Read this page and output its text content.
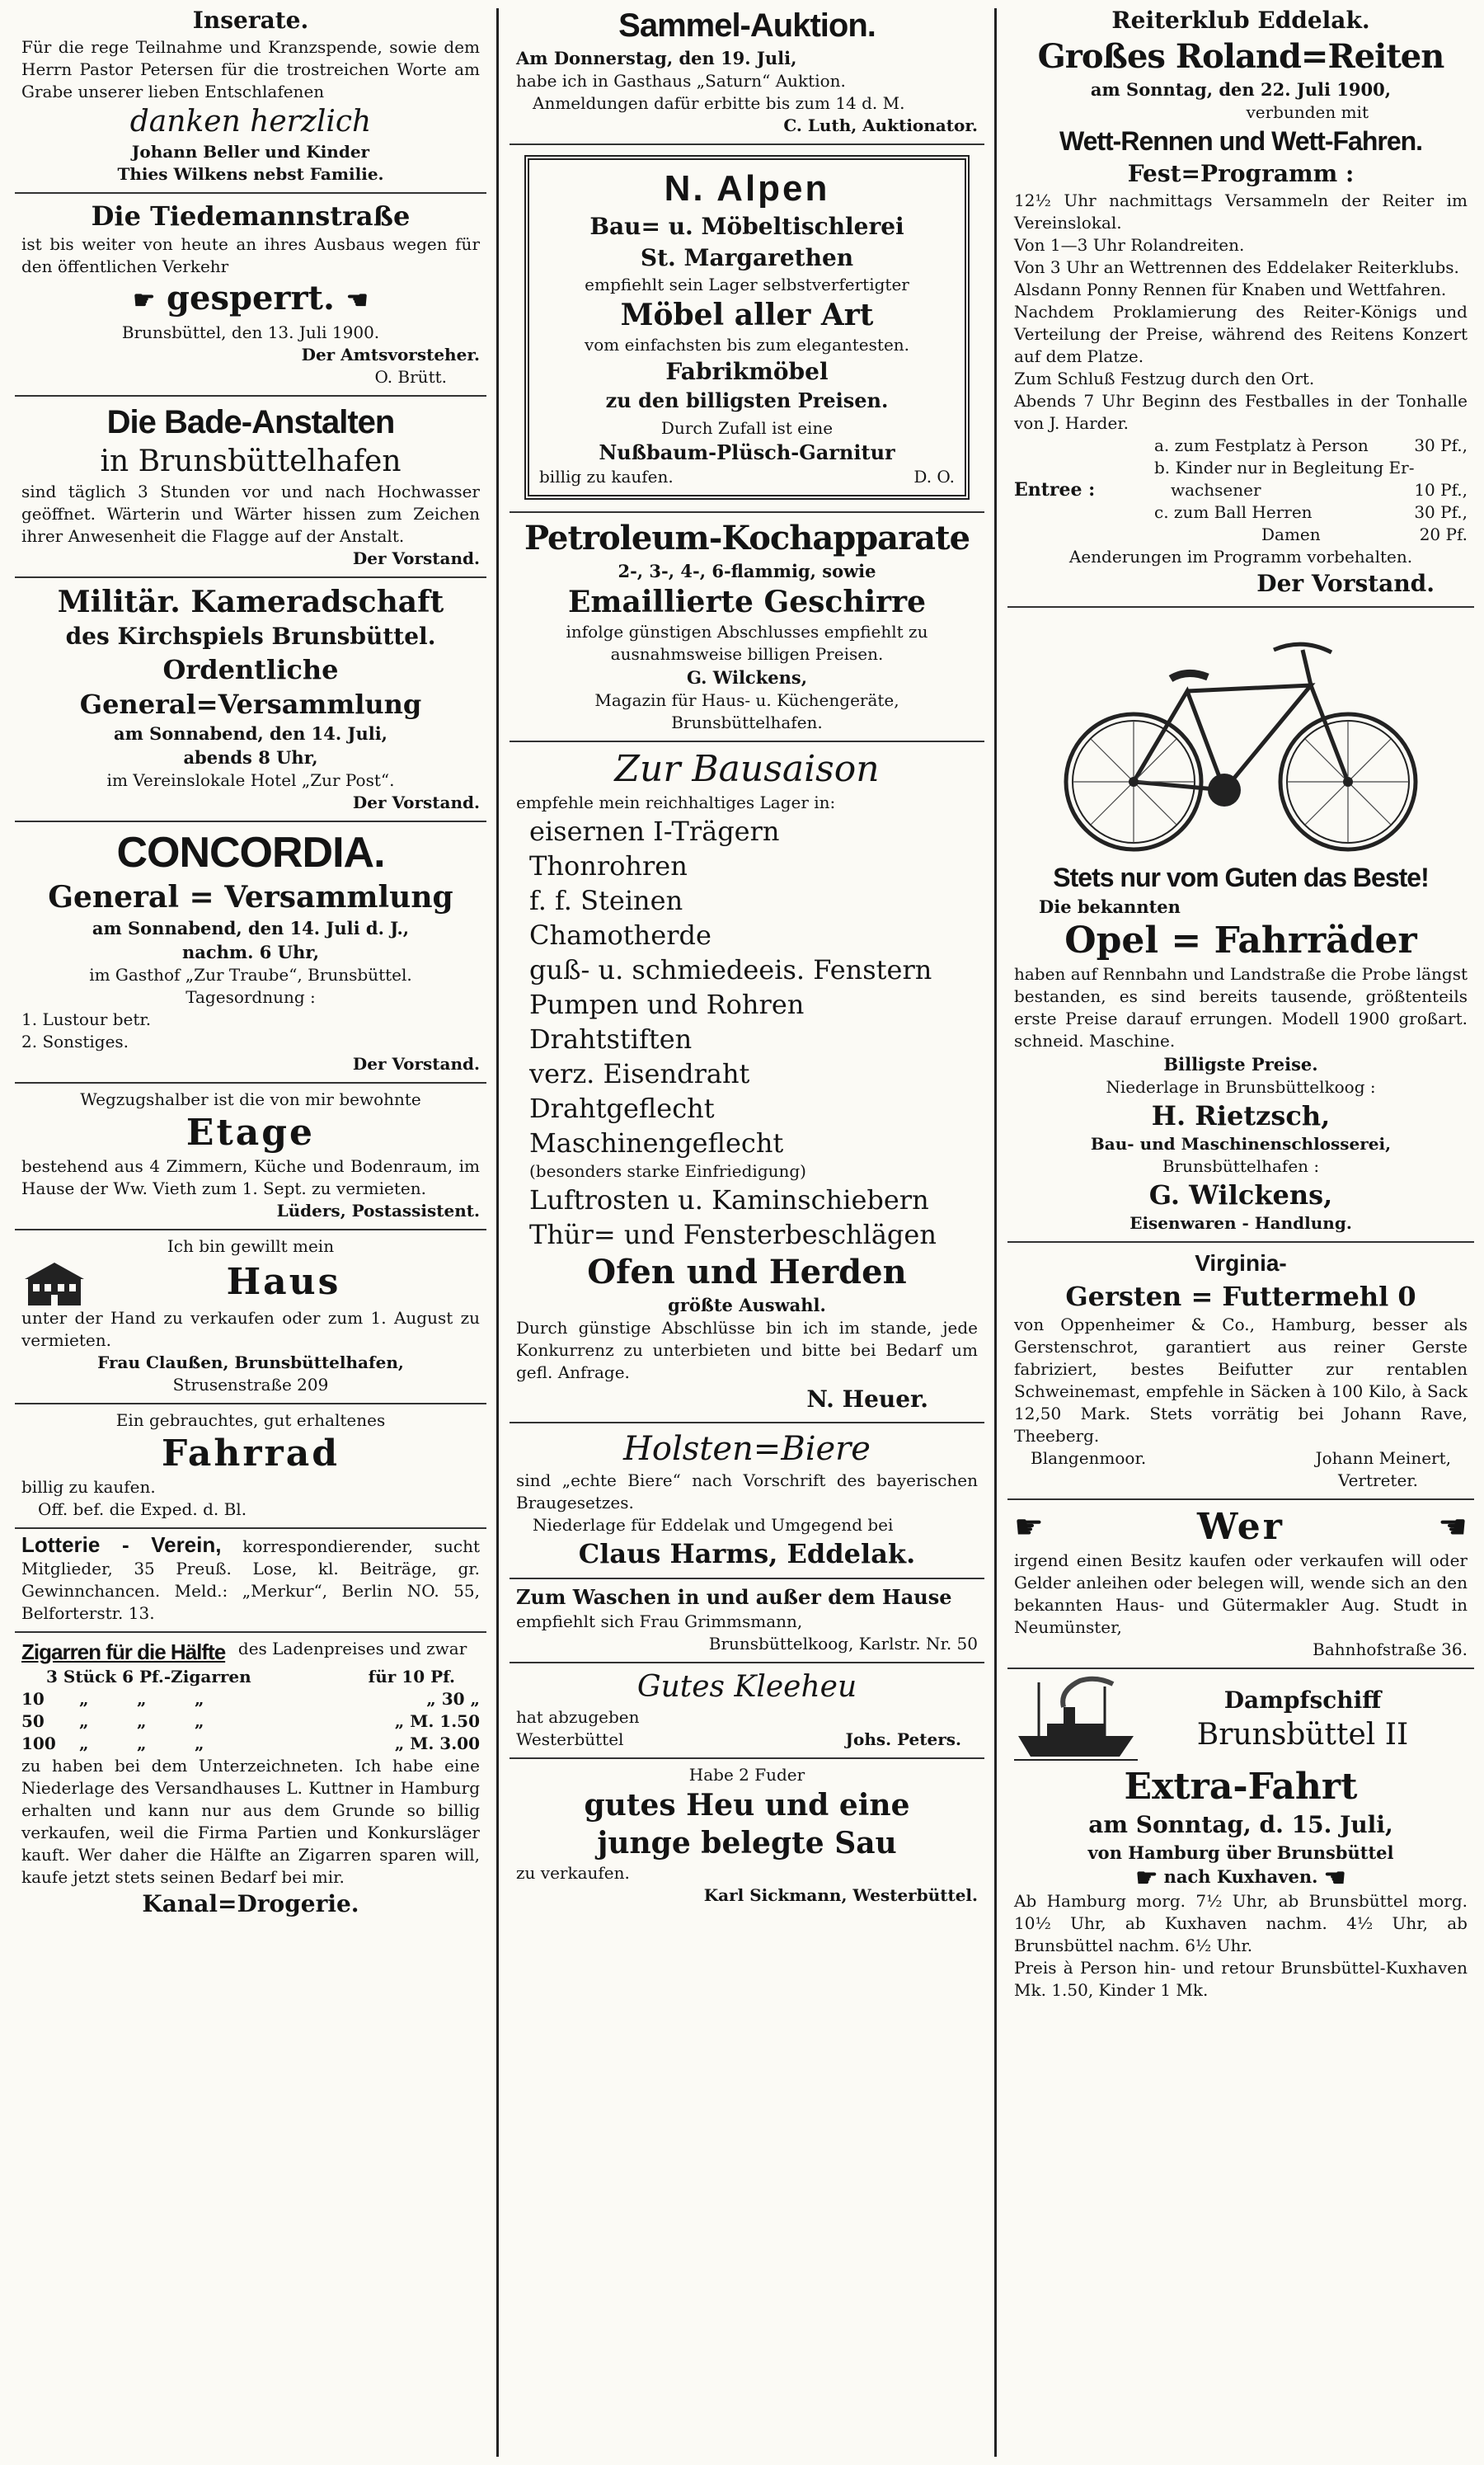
Inserate.

Für die rege Teilnahme und Kranzspende, sowie dem Herrn Pastor Petersen für die trostreichen Worte am Grabe unserer lieben Entschlafenen

danken herzlich

Johann Beller und Kinder

Thies Wilkens nebst Familie.

Die Tiedemannstraße

ist bis weiter von heute an ihres Ausbaus wegen für den öffentlichen Verkehr

☛ gesperrt. ☚

Brunsbüttel, den 13. Juli 1900.

Der Amtsvorsteher.

O. Brütt.

Die Bade-Anstalten

in Brunsbüttelhafen

sind täglich 3 Stunden vor und nach Hochwasser geöffnet. Wärterin und Wärter hissen zum Zeichen ihrer Anwesenheit die Flagge auf der Anstalt.

Der Vorstand.

Militär. Kameradschaft

des Kirchspiels Brunsbüttel.

Ordentliche

General=Versammlung

am Sonnabend, den 14. Juli,

abends 8 Uhr,

im Vereinslokale Hotel „Zur Post“.

Der Vorstand.

CONCORDIA.

General = Versammlung

am Sonnabend, den 14. Juli d. J.,

nachm. 6 Uhr,

im Gasthof „Zur Traube“, Brunsbüttel.

Tagesordnung :

1. Lustour betr.

2. Sonstiges.

Der Vorstand.

Wegzugshalber ist die von mir bewohnte

Etage

bestehend aus 4 Zimmern, Küche und Bodenraum, im Hause der Ww. Vieth zum 1. Sept. zu vermieten.

Lüders, Postassistent.

Ich bin gewillt mein

Haus

unter der Hand zu verkaufen oder zum 1. August zu vermieten.

Frau Claußen, Brunsbüttelhafen,

Strusenstraße 209

Ein gebrauchtes, gut erhaltenes

Fahrrad

billig zu kaufen.

Off. bef. die Exped. d. Bl.

Lotterie - Verein, korrespondierender, sucht Mitglieder, 35 Preuß. Lose, kl. Beiträge, gr. Gewinnchancen. Meld.: „Merkur“, Berlin NO. 55, Belforterstr. 13.

Zigarren für die Hälfte des Ladenpreises und zwar

3 Stück 6 Pf.-Zigarren	für 10 Pf.
10	„	„	„	„ 30 „
50	„	„	„	„ M. 1.50
100	„	„	„	„ M. 3.00

zu haben bei dem Unterzeichneten. Ich habe eine Niederlage des Versandhauses L. Kuttner in Hamburg erhalten und kann nur aus dem Grunde so billig verkaufen, weil die Firma Partien und Konkursläger kauft. Wer daher die Hälfte an Zigarren sparen will, kaufe jetzt stets seinen Bedarf bei mir.

Kanal=Drogerie.

Sammel-Auktion.

Am Donnerstag, den 19. Juli,

habe ich in Gasthaus „Saturn“ Auktion.

Anmeldungen dafür erbitte bis zum 14 d. M.

C. Luth, Auktionator.

N. Alpen

Bau= u. Möbeltischlerei

St. Margarethen

empfiehlt sein Lager selbstverfertigter

Möbel aller Art

vom einfachsten bis zum elegantesten.

Fabrikmöbel

zu den billigsten Preisen.

Durch Zufall ist eine

Nußbaum-Plüsch-Garnitur

billig zu kaufen.	D. O.

Petroleum-Kochapparate

2-, 3-, 4-, 6-flammig, sowie

Emaillierte Geschirre

infolge günstigen Abschlusses empfiehlt zu ausnahmsweise billigen Preisen.

G. Wilckens,

Magazin für Haus- u. Küchengeräte,

Brunsbüttelhafen.

Zur Bausaison

empfehle mein reichhaltiges Lager in:

eisernen I-Trägern

Thonrohren

f. f. Steinen

Chamotherde

guß- u. schmiedeeis. Fenstern

Pumpen und Rohren

Drahtstiften

verz. Eisendraht

Drahtgeflecht

Maschinengeflecht

(besonders starke Einfriedigung)

Luftrosten u. Kaminschiebern

Thür= und Fensterbeschlägen

Ofen und Herden

größte Auswahl.

Durch günstige Abschlüsse bin ich im stande, jede Konkurrenz zu unterbieten und bitte bei Bedarf um gefl. Anfrage.

N. Heuer.

Holsten=Biere

sind „echte Biere“ nach Vorschrift des bayerischen Braugesetzes.

Niederlage für Eddelak und Umgegend bei

Claus Harms, Eddelak.

Zum Waschen in und außer dem Hause

empfiehlt sich Frau Grimmsmann,

Brunsbüttelkoog, Karlstr. Nr. 50

Gutes Kleeheu

hat abzugeben

Westerbüttel	Johs. Peters.

Habe 2 Fuder

gutes Heu und eine

junge belegte Sau

zu verkaufen.

Karl Sickmann, Westerbüttel.

Reiterklub Eddelak.

Großes Roland=Reiten

am Sonntag, den 22. Juli 1900,

verbunden mit

Wett-Rennen und Wett-Fahren.

Fest=Programm :

12½ Uhr nachmittags Versammeln der Reiter im Vereinslokal.

Von 1—3 Uhr Rolandreiten.

Von 3 Uhr an Wettrennen des Eddelaker Reiterklubs.

Alsdann Ponny Rennen für Knaben und Wettfahren.

Nachdem Proklamierung des Reiter-Königs und Verteilung der Preise, während des Reitens Konzert auf dem Platze.

Zum Schluß Festzug durch den Ort.

Abends 7 Uhr Beginn des Festballes in der Tonhalle von J. Harder.

Entree :
a. zum Festplatz à Person	30 Pf.,
b. Kinder nur in Begleitung Er-
wachsener	10 Pf.,
c. zum Ball Herren	30 Pf.,
Damen	20 Pf.

Aenderungen im Programm vorbehalten.

Der Vorstand.

Stets nur vom Guten das Beste!

Die bekannten

Opel = Fahrräder

haben auf Rennbahn und Landstraße die Probe längst bestanden, es sind bereits tausende, größtenteils erste Preise darauf errungen. Modell 1900 großart. schneid. Maschine.

Billigste Preise.

Niederlage in Brunsbüttelkoog :

H. Rietzsch,

Bau- und Maschinenschlosserei,

Brunsbüttelhafen :

G. Wilckens,

Eisenwaren - Handlung.

Virginia-

Gersten = Futtermehl 0

von Oppenheimer & Co., Hamburg, besser als Gerstenschrot, garantiert aus reiner Gerste fabriziert, bestes Beifutter zur rentablen Schweinemast, empfehle in Säcken à 100 Kilo, à Sack 12,50 Mark. Stets vorrätig bei Johann Rave, Theeberg.

Blangenmoor.	Johann Meinert,

Vertreter.

☛	Wer	☚

irgend einen Besitz kaufen oder verkaufen will oder Gelder anleihen oder belegen will, wende sich an den bekannten Haus- und Gütermakler Aug. Studt in Neumünster,

Bahnhofstraße 36.

Dampfschiff

Brunsbüttel II

Extra-Fahrt

am Sonntag, d. 15. Juli,

von Hamburg über Brunsbüttel

☛ nach Kuxhaven. ☚

Ab Hamburg morg. 7½ Uhr, ab Brunsbüttel morg. 10½ Uhr, ab Kuxhaven nachm. 4½ Uhr, ab Brunsbüttel nachm. 6½ Uhr.

Preis à Person hin- und retour Brunsbüttel-Kuxhaven Mk. 1.50, Kinder 1 Mk.
